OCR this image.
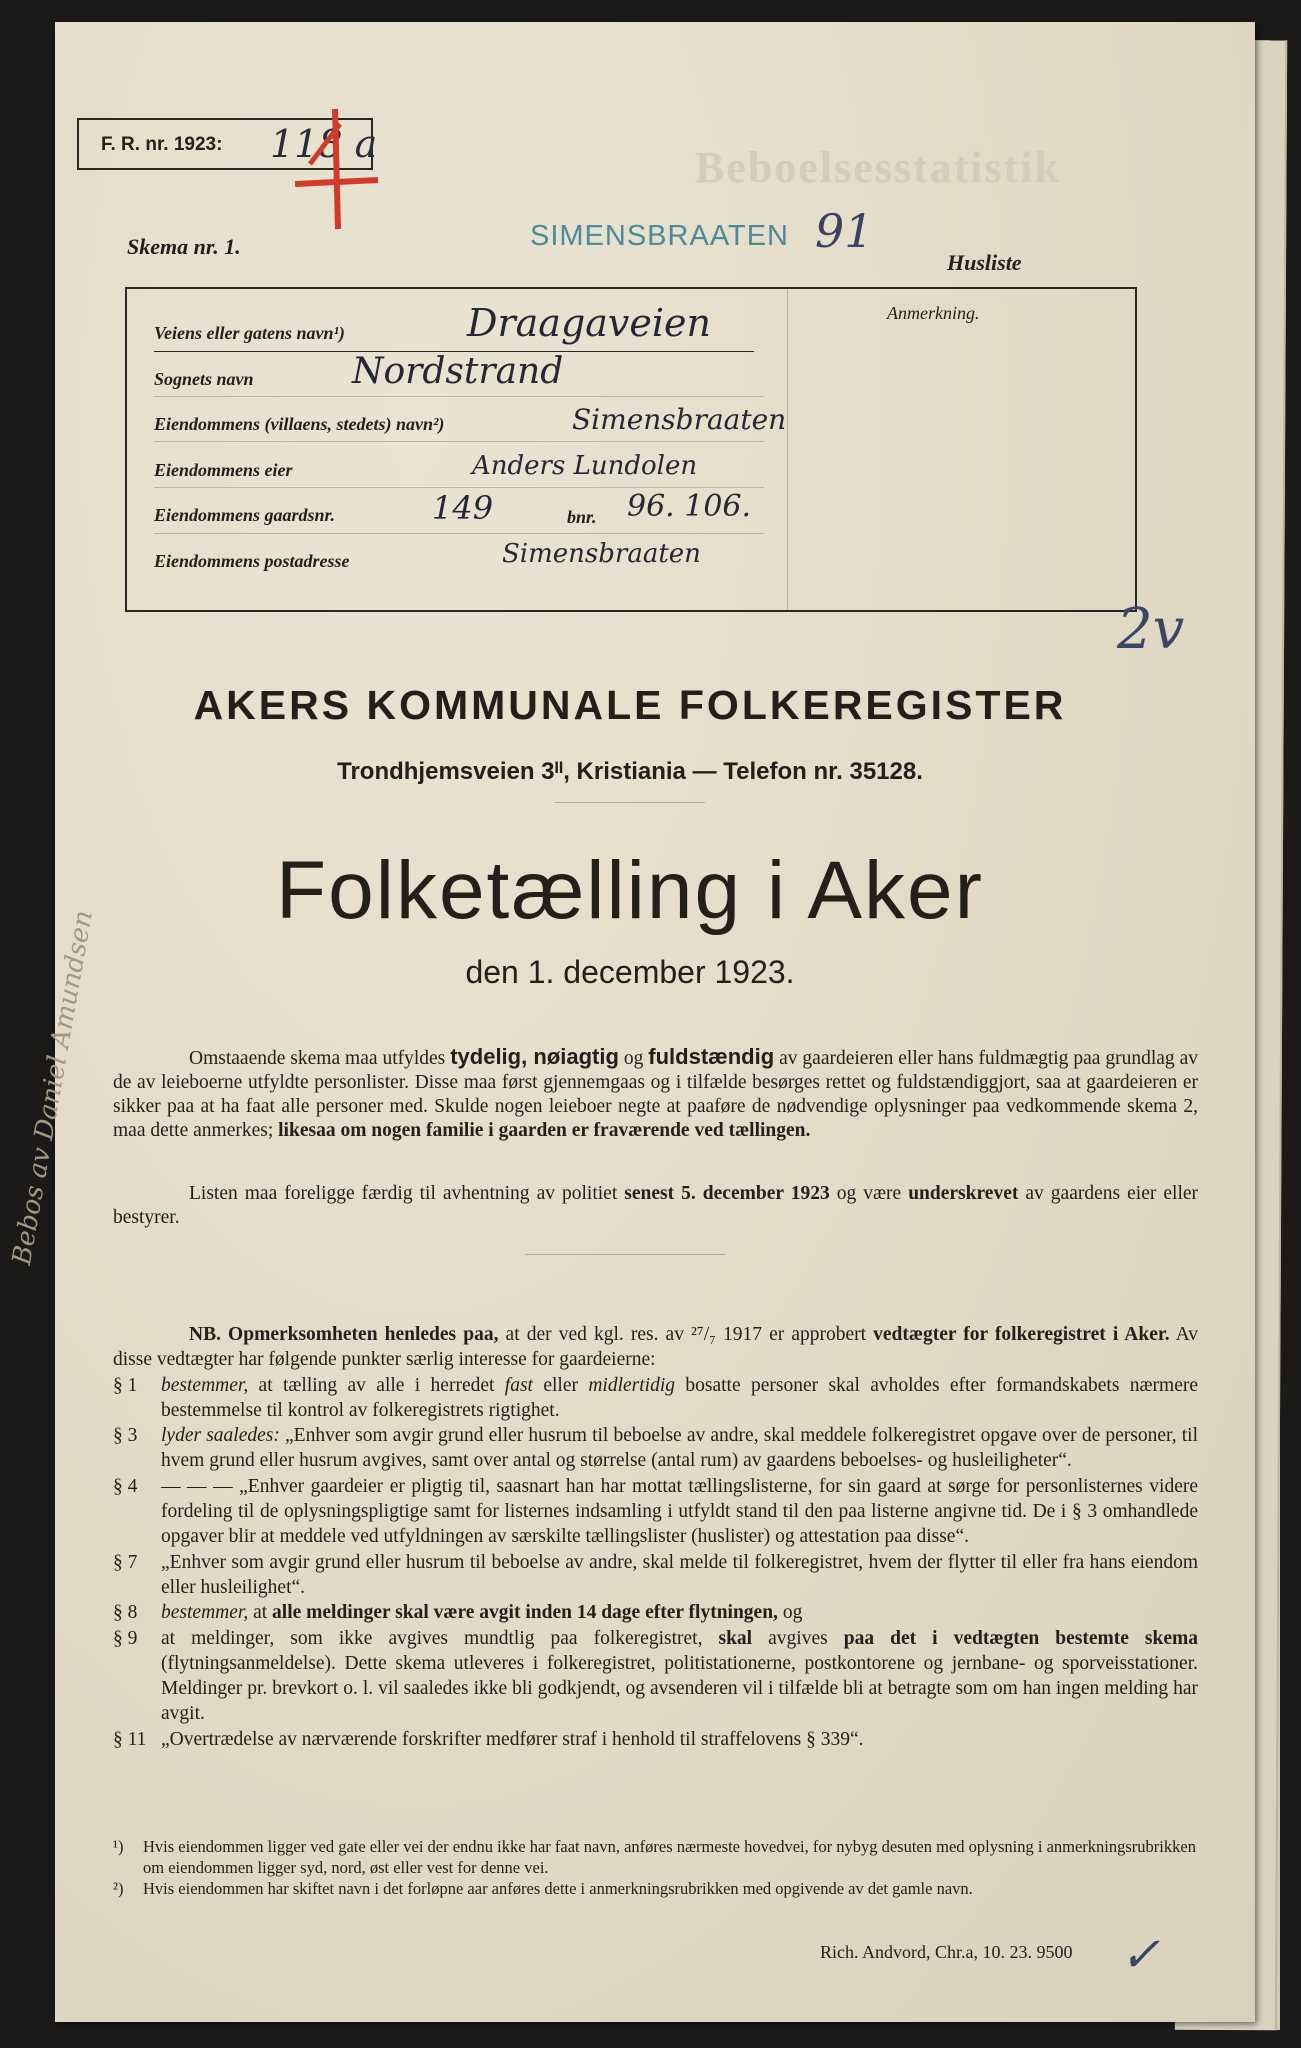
Beboelsesstatistik
F. R. nr. 1923:	118 a
Skema nr. 1.	SIMENSBRAATEN 91
Husliste
Anmerkning.
Veiens eller gatens navn¹)	Draagaveien
Sognets navn	Nordstrand
Eiendommens (villaens, stedets) navn²)	Simensbraaten
Eiendommens eier	Anders Lundolen
Eiendommens gaardsnr.	149	bnr. 96. 106.
Eiendommens postadresse	Simensbraaten
2v
AKERS KOMMUNALE FOLKEREGISTER
Trondhjemsveien 3ᴵᴵ, Kristiania — Telefon nr. 35128.
Folketælling i Aker
den 1. december 1923.
Omstaaende skema maa utfyldes tydelig, nøiagtig og fuldstændig av gaardeieren eller hans fuldmægtig paa grundlag av de av leieboerne utfyldte personlister. Disse maa først gjennemgaas og i tilfælde besørges rettet og fuldstændiggjort, saa at gaardeieren er sikker paa at ha faat alle personer med. Skulde nogen leieboer negte at paaføre de nødvendige oplysninger paa vedkommende skema 2, maa dette anmerkes; likesaa om nogen familie i gaarden er fraværende ved tællingen.
Listen maa foreligge færdig til avhentning av politiet senest 5. december 1923 og være underskrevet av gaardens eier eller bestyrer.

NB. Opmerksomheten henledes paa, at der ved kgl. res. av ²⁷/₇ 1917 er approbert vedtægter for folkeregistret i Aker. Av disse vedtægter har følgende punkter særlig interesse for gaardeierne:

§ 1	bestemmer, at tælling av alle i herredet fast eller midlertidig bosatte personer skal avholdes efter formandskabets nærmere bestemmelse til kontrol av folkeregistrets rigtighet.
§ 3	lyder saaledes: „Enhver som avgir grund eller husrum til beboelse av andre, skal meddele folkeregistret opgave over de personer, til hvem grund eller husrum avgives, samt over antal og størrelse (antal rum) av gaardens beboelses- og husleiligheter“.
§ 4	— — — „Enhver gaardeier er pligtig til, saasnart han har mottat tællingslisterne, for sin gaard at sørge for personlisternes videre fordeling til de oplysningspligtige samt for listernes indsamling i utfyldt stand til den paa listerne angivne tid. De i § 3 omhandlede opgaver blir at meddele ved utfyldningen av særskilte tællingslister (huslister) og attestation paa disse“.
§ 7	„Enhver som avgir grund eller husrum til beboelse av andre, skal melde til folkeregistret, hvem der flytter til eller fra hans eiendom eller husleilighet“.
§ 8	bestemmer, at alle meldinger skal være avgit inden 14 dage efter flytningen, og
§ 9	at meldinger, som ikke avgives mundtlig paa folkeregistret, skal avgives paa det i vedtægten bestemte skema (flytningsanmeldelse). Dette skema utleveres i folkeregistret, politistationerne, postkontorene og jernbane- og sporveisstationer. Meldinger pr. brevkort o. l. vil saaledes ikke bli godkjendt, og avsenderen vil i tilfælde bli at betragte som om han ingen melding har avgit.
§ 11 „Overtrædelse av nærværende forskrifter medfører straf i henhold til straffelovens § 339“.

¹)	Hvis eiendommen ligger ved gate eller vei der endnu ikke har faat navn, anføres nærmeste hovedvei, for nybyg desuten med oplysning i anmerkningsrubrikken om eiendommen ligger syd, nord, øst eller vest for denne vei.

²)	Hvis eiendommen har skiftet navn i det forløpne aar anføres dette i anmerkningsrubrikken med opgivende av det gamle navn.

Rich. Andvord, Chr.a, 10. 23. 9500 ✓
Bebos av Daniel Amundsen
